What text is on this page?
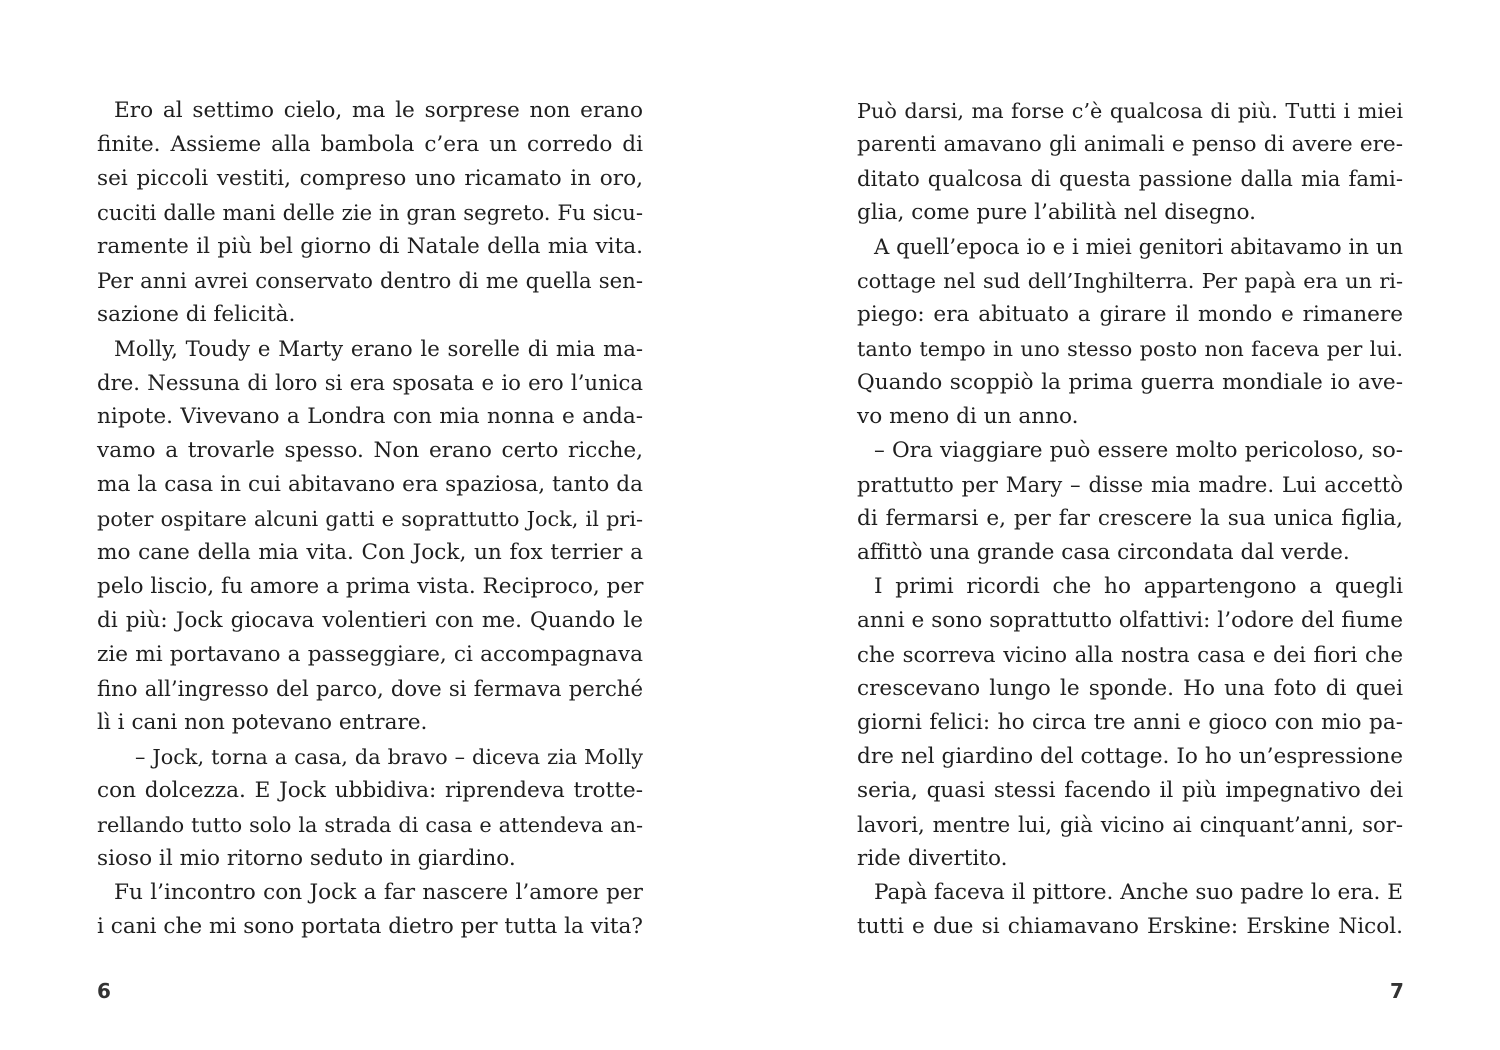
Ero al settimo cielo, ma le sorprese non erano
finite. Assieme alla bambola c’era un corredo di
sei piccoli vestiti, compreso uno ricamato in oro,
cuciti dalle mani delle zie in gran segreto. Fu sicu-
ramente il più bel giorno di Natale della mia vita.
Per anni avrei conservato dentro di me quella sen-
sazione di felicità.
Molly, Toudy e Marty erano le sorelle di mia ma-
dre. Nessuna di loro si era sposata e io ero l’unica
nipote. Vivevano a Londra con mia nonna e anda-
vamo a trovarle spesso. Non erano certo ricche,
ma la casa in cui abitavano era spaziosa, tanto da
poter ospitare alcuni gatti e soprattutto Jock, il pri-
mo cane della mia vita. Con Jock, un fox terrier a
pelo liscio, fu amore a prima vista. Reciproco, per
di più: Jock giocava volentieri con me. Quando le
zie mi portavano a passeggiare, ci accompagnava
fino all’ingresso del parco, dove si fermava perché
lì i cani non potevano entrare.
– Jock, torna a casa, da bravo – diceva zia Molly
con dolcezza. E Jock ubbidiva: riprendeva trotte-
rellando tutto solo la strada di casa e attendeva an-
sioso il mio ritorno seduto in giardino.
Fu l’incontro con Jock a far nascere l’amore per
i cani che mi sono portata dietro per tutta la vita?
6
Può darsi, ma forse c’è qualcosa di più. Tutti i miei
parenti amavano gli animali e penso di avere ere-
ditato qualcosa di questa passione dalla mia fami-
glia, come pure l’abilità nel disegno.
A quell’epoca io e i miei genitori abitavamo in un
cottage nel sud dell’Inghilterra. Per papà era un ri-
piego: era abituato a girare il mondo e rimanere
tanto tempo in uno stesso posto non faceva per lui.
Quando scoppiò la prima guerra mondiale io ave-
vo meno di un anno.
– Ora viaggiare può essere molto pericoloso, so-
prattutto per Mary – disse mia madre. Lui accettò
di fermarsi e, per far crescere la sua unica figlia,
affittò una grande casa circondata dal verde.
I primi ricordi che ho appartengono a quegli
anni e sono soprattutto olfattivi: l’odore del fiume
che scorreva vicino alla nostra casa e dei fiori che
crescevano lungo le sponde. Ho una foto di quei
giorni felici: ho circa tre anni e gioco con mio pa-
dre nel giardino del cottage. Io ho un’espressione
seria, quasi stessi facendo il più impegnativo dei
lavori, mentre lui, già vicino ai cinquant’anni, sor-
ride divertito.
Papà faceva il pittore. Anche suo padre lo era. E
tutti e due si chiamavano Erskine: Erskine Nicol.
7
